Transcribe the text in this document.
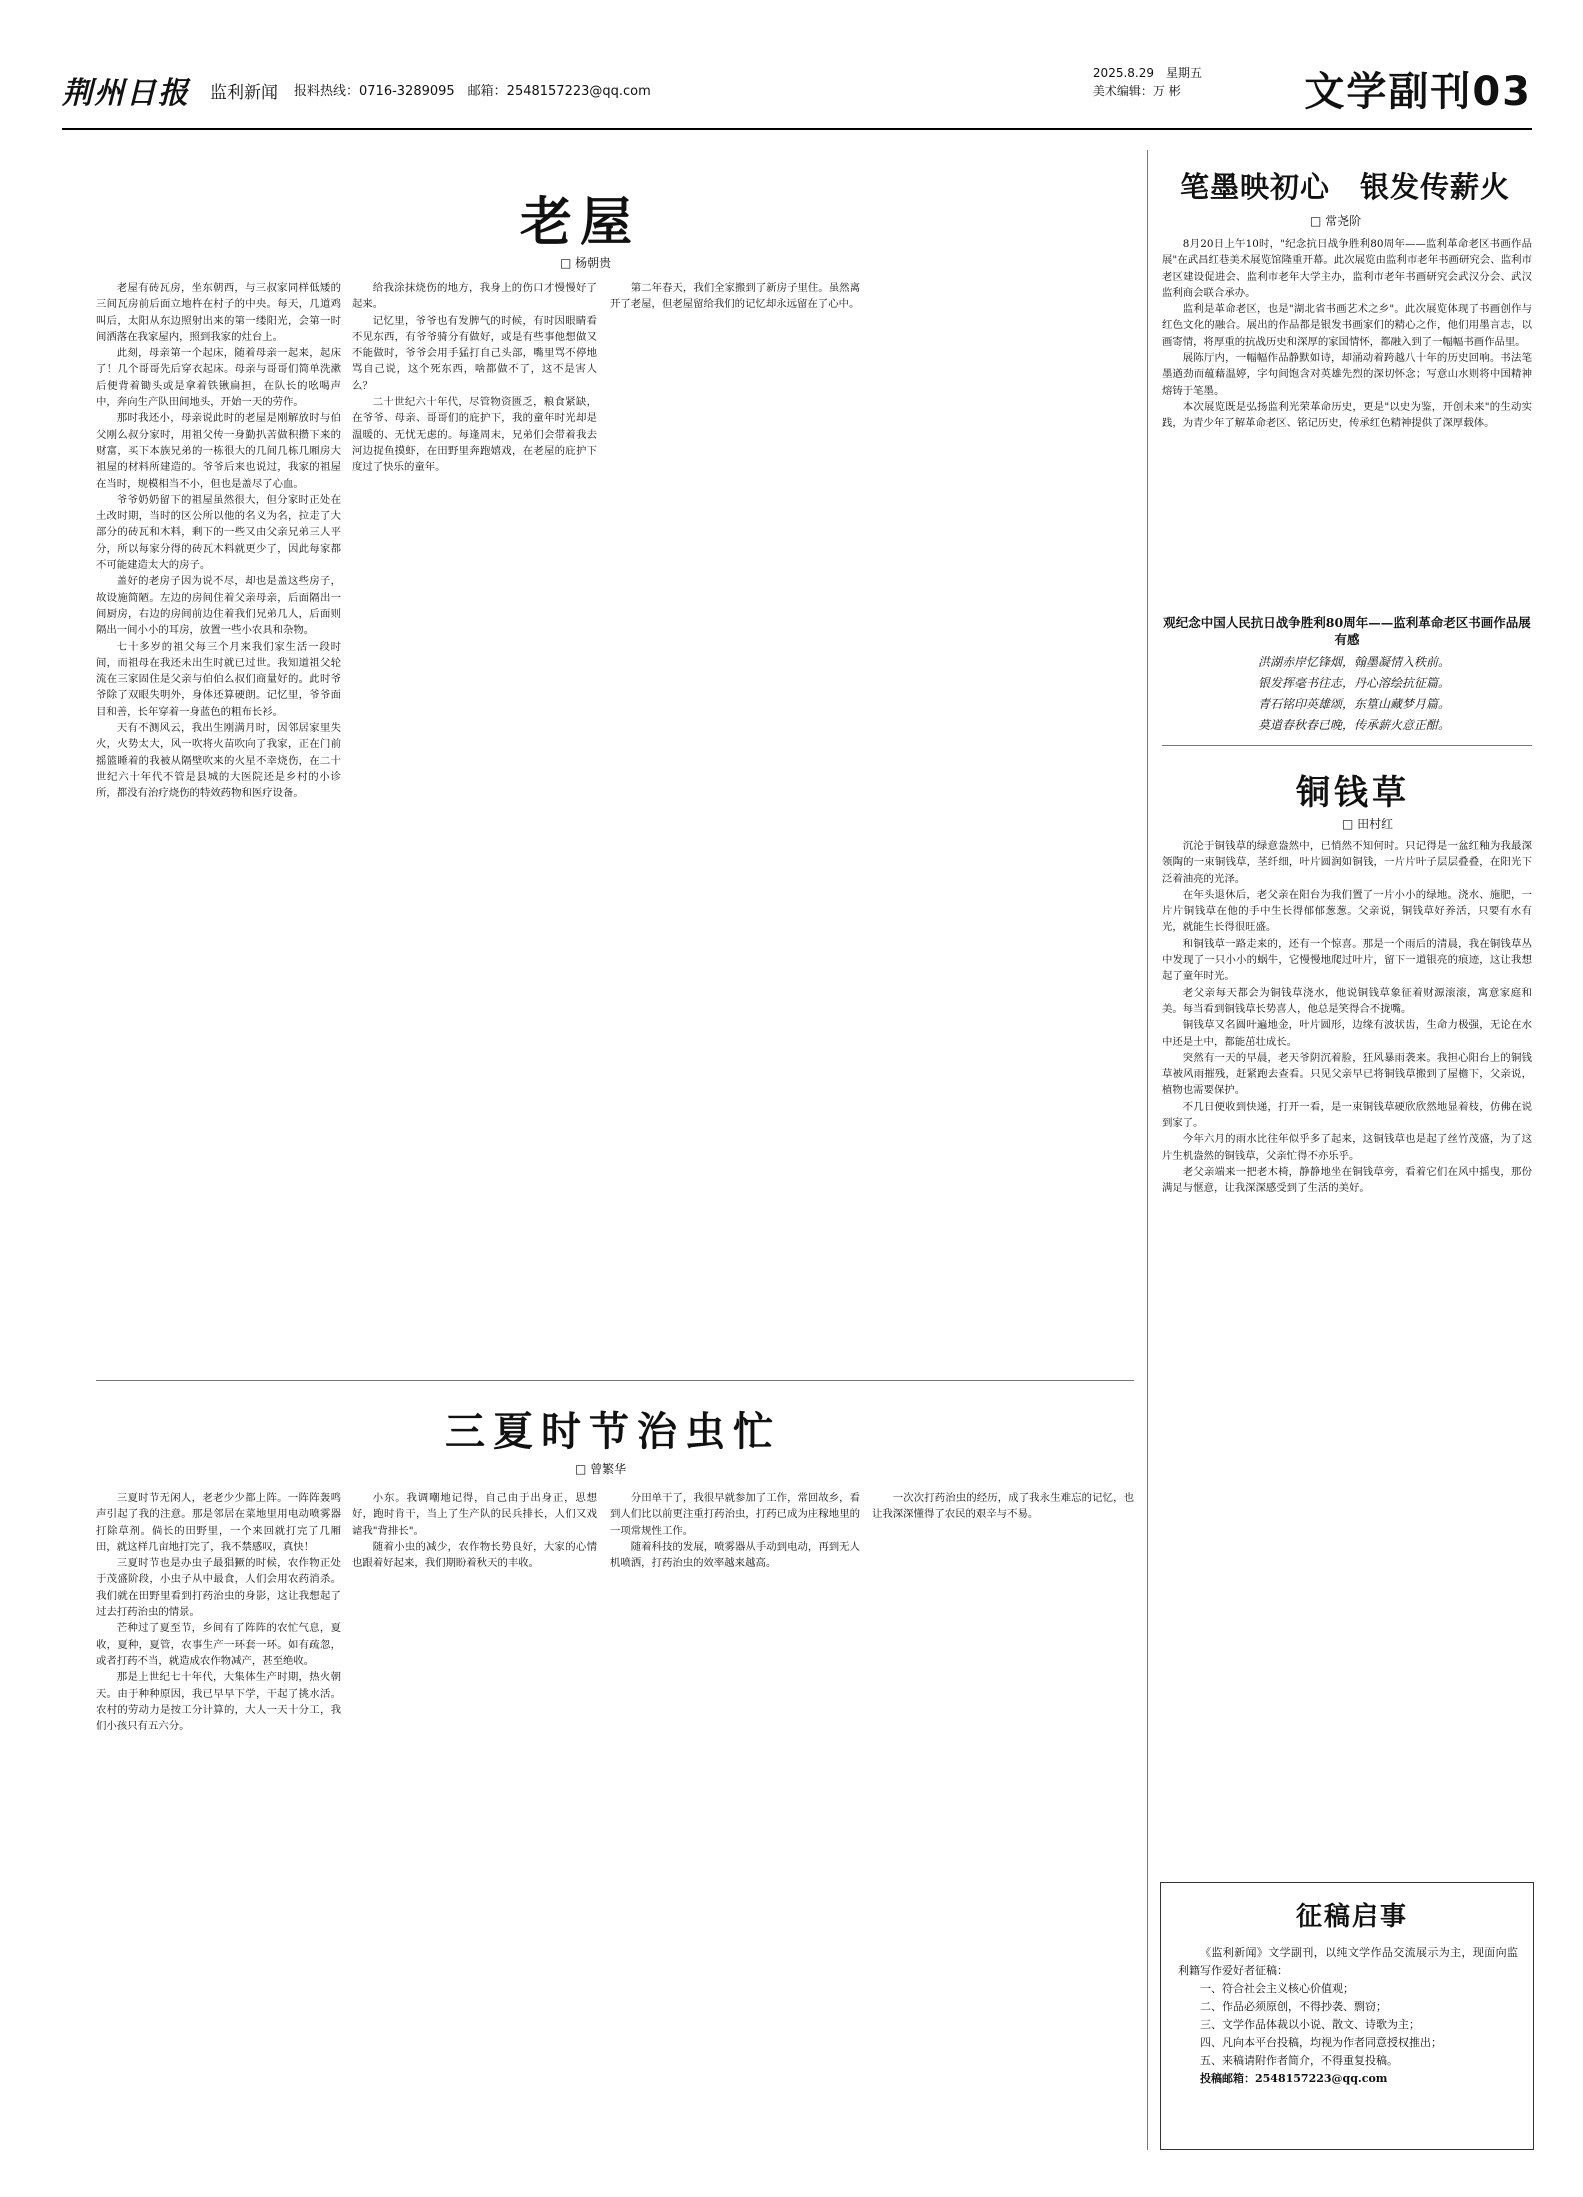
荆州日报 监利新闻 报料热线：0716-3289095　邮箱：2548157223@qq.com
2025.8.29　星期五
美术编辑：万 彬	文学副刊03
老屋
□ 杨朝贵

老屋有砖瓦房，坐东朝西，与三叔家同样低矮的三间瓦房前后面立地杵在村子的中央。每天，几道鸡叫后，太阳从东边照射出来的第一缕阳光，会第一时间洒落在我家屋内，照到我家的灶台上。

此刻，母亲第一个起床，随着母亲一起来，起床了！几个哥哥先后穿衣起床。母亲与哥哥们简单洗漱后便背着锄头或是拿着铁锹扁担，在队长的吆喝声中，奔向生产队田间地头，开始一天的劳作。

那时我还小，母亲说此时的老屋是刚解放时与伯父刚么叔分家时，用祖父传一身勤扒苦做积攒下来的财富，买下本族兄弟的一栋很大的几间几栋几厢房大祖屋的材料所建造的。爷爷后来也说过，我家的祖屋在当时，规模相当不小，但也是盖尽了心血。

爷爷奶奶留下的祖屋虽然很大，但分家时正处在土改时期，当时的区公所以他的名义为名，拉走了大部分的砖瓦和木料，剩下的一些又由父亲兄弟三人平分，所以每家分得的砖瓦木料就更少了，因此每家都不可能建造太大的房子。

盖好的老房子因为说不尽，却也是盖这些房子，故设施简陋。左边的房间住着父亲母亲，后面隔出一间厨房，右边的房间前边住着我们兄弟几人，后面则隔出一间小小的耳房，放置一些小农具和杂物。

七十多岁的祖父每三个月来我们家生活一段时间，而祖母在我还未出生时就已过世。我知道祖父轮流在三家固住是父亲与伯伯么叔们商量好的。此时爷爷除了双眼失明外，身体还算硬朗。记忆里，爷爷面目和善，长年穿着一身蓝色的粗布长衫。

天有不测风云，我出生刚满月时，因邻居家里失火，火势太大，风一吹将火苗吹向了我家，正在门前摇篮睡着的我被从隔壁吹来的火星不幸烧伤，在二十世纪六十年代不管是县城的大医院还是乡村的小诊所，都没有治疗烧伤的特效药物和医疗设备。

给我涂抹烧伤的地方，我身上的伤口才慢慢好了起来。

记忆里，爷爷也有发脾气的时候，有时因眼睛看不见东西，有爷爷骑分有做好，或是有些事他想做又不能做时，爷爷会用手猛打自己头部，嘴里骂不停地骂自己说，这个死东西，啥都做不了，这不是害人么？

二十世纪六十年代，尽管物资匮乏，粮食紧缺，在爷爷、母亲、哥哥们的庇护下，我的童年时光却是温暖的、无忧无虑的。每逢周末，兄弟们会带着我去河边捉鱼摸虾，在田野里奔跑嬉戏，在老屋的庇护下度过了快乐的童年。

第二年春天，我们全家搬到了新房子里住。虽然离开了老屋，但老屋留给我们的记忆却永远留在了心中。

三夏时节治虫忙
□ 曾繁华

三夏时节无闲人，老老少少都上阵。一阵阵轰鸣声引起了我的注意。那是邻居在菜地里用电动喷雾器打除草剂。倘长的田野里，一个来回就打完了几厢田，就这样几亩地打完了，我不禁感叹，真快！

三夏时节也是办虫子最猖獗的时候，农作物正处于茂盛阶段，小虫子从中最食，人们会用农药消杀。我们就在田野里看到打药治虫的身影，这让我想起了过去打药治虫的情景。

芒种过了夏至节，乡间有了阵阵的农忙气息，夏收，夏种，夏管，农事生产一环套一环。如有疏忽，或者打药不当，就造成农作物减产，甚至绝收。

那是上世纪七十年代，大集体生产时期，热火朝天。由于种种原因，我已早早下学，干起了挑水活。农村的劳动力是按工分计算的，大人一天十分工，我们小孩只有五六分。

小东。我调嘲地记得，自己由于出身正，思想好，跑时肯干，当上了生产队的民兵排长，人们又戏谑我"背排长"。

随着小虫的减少，农作物长势良好，大家的心情也跟着好起来，我们期盼着秋天的丰收。

分田单干了，我很早就参加了工作，常回故乡，看到人们比以前更注重打药治虫，打药已成为庄稼地里的一项常规性工作。

随着科技的发展，喷雾器从手动到电动，再到无人机喷洒，打药治虫的效率越来越高。

一次次打药治虫的经历，成了我永生难忘的记忆，也让我深深懂得了农民的艰辛与不易。

笔墨映初心　银发传薪火
□ 常尧阶

8月20日上午10时，"纪念抗日战争胜利80周年——监利革命老区书画作品展"在武昌红巷美术展览馆隆重开幕。此次展览由监利市老年书画研究会、监利市老区建设促进会、监利市老年大学主办，监利市老年书画研究会武汉分会、武汉监利商会联合承办。

监利是革命老区，也是"湖北省书画艺术之乡"。此次展览体现了书画创作与红色文化的融合。展出的作品都是银发书画家们的精心之作，他们用墨言志，以画寄情，将厚重的抗战历史和深厚的家国情怀，都融入到了一幅幅书画作品里。

展陈厅内，一幅幅作品静默如诗，却涌动着跨越八十年的历史回响。书法笔墨遒劲而蕴藉温婷，字句间饱含对英雄先烈的深切怀念；写意山水则将中国精神熔铸于笔墨。

本次展览既是弘扬监利光荣革命历史，更是"以史为鉴，开创未来"的生动实践，为青少年了解革命老区、铭记历史，传承红色精神提供了深厚载体。

观纪念中国人民抗日战争胜利80周年——监利革命老区书画作品展有感
洪湖赤岸忆锋烟，翰墨凝情入秩前。
银发挥毫书往志，丹心溶绘抗征篇。
青石铭印英雄颂，东篁山藏梦月篇。
莫道春秋春已晚，传承薪火意正酣。
铜钱草
□ 田村红

沉沦于铜钱草的绿意盎然中，已悄然不知何时。只记得是一盆红釉为我最深领陶的一束铜钱草，茎纤细，叶片圆润如铜钱，一片片叶子层层叠叠，在阳光下泛着油亮的光泽。

在年头退休后，老父亲在阳台为我们置了一片小小的绿地。浇水、施肥，一片片铜钱草在他的手中生长得郁郁葱葱。父亲说，铜钱草好养活，只要有水有光，就能生长得很旺盛。

和铜钱草一路走来的，还有一个惊喜。那是一个雨后的清晨，我在铜钱草丛中发现了一只小小的蜗牛，它慢慢地爬过叶片，留下一道银亮的痕迹，这让我想起了童年时光。

老父亲每天都会为铜钱草浇水，他说铜钱草象征着财源滚滚，寓意家庭和美。每当看到铜钱草长势喜人，他总是笑得合不拢嘴。

铜钱草又名圆叶遍地金，叶片圆形，边缘有波状齿，生命力极强，无论在水中还是土中，都能茁壮成长。

突然有一天的早晨，老天爷阴沉着脸，狂风暴雨袭来。我担心阳台上的铜钱草被风雨摧残，赶紧跑去查看。只见父亲早已将铜钱草搬到了屋檐下，父亲说，植物也需要保护。

不几日便收到快递，打开一看，是一束铜钱草硬欣欣然地显着枝，仿佛在说到家了。

今年六月的雨水比往年似乎多了起来，这铜钱草也是起了丝竹茂盛，为了这片生机盎然的铜钱草，父亲忙得不亦乐乎。

老父亲端来一把老木椅，静静地坐在铜钱草旁，看着它们在风中摇曳，那份满足与惬意，让我深深感受到了生活的美好。

征稿启事

《监利新闻》文学副刊，以纯文学作品交流展示为主，现面向监利籍写作爱好者征稿：

一、符合社会主义核心价值观；
二、作品必须原创，不得抄袭、剽窃；
三、文学作品体裁以小说、散文、诗歌为主；
四、凡向本平台投稿，均视为作者同意授权推出；
五、来稿请附作者简介，不得重复投稿。
投稿邮箱：2548157223@qq.com
